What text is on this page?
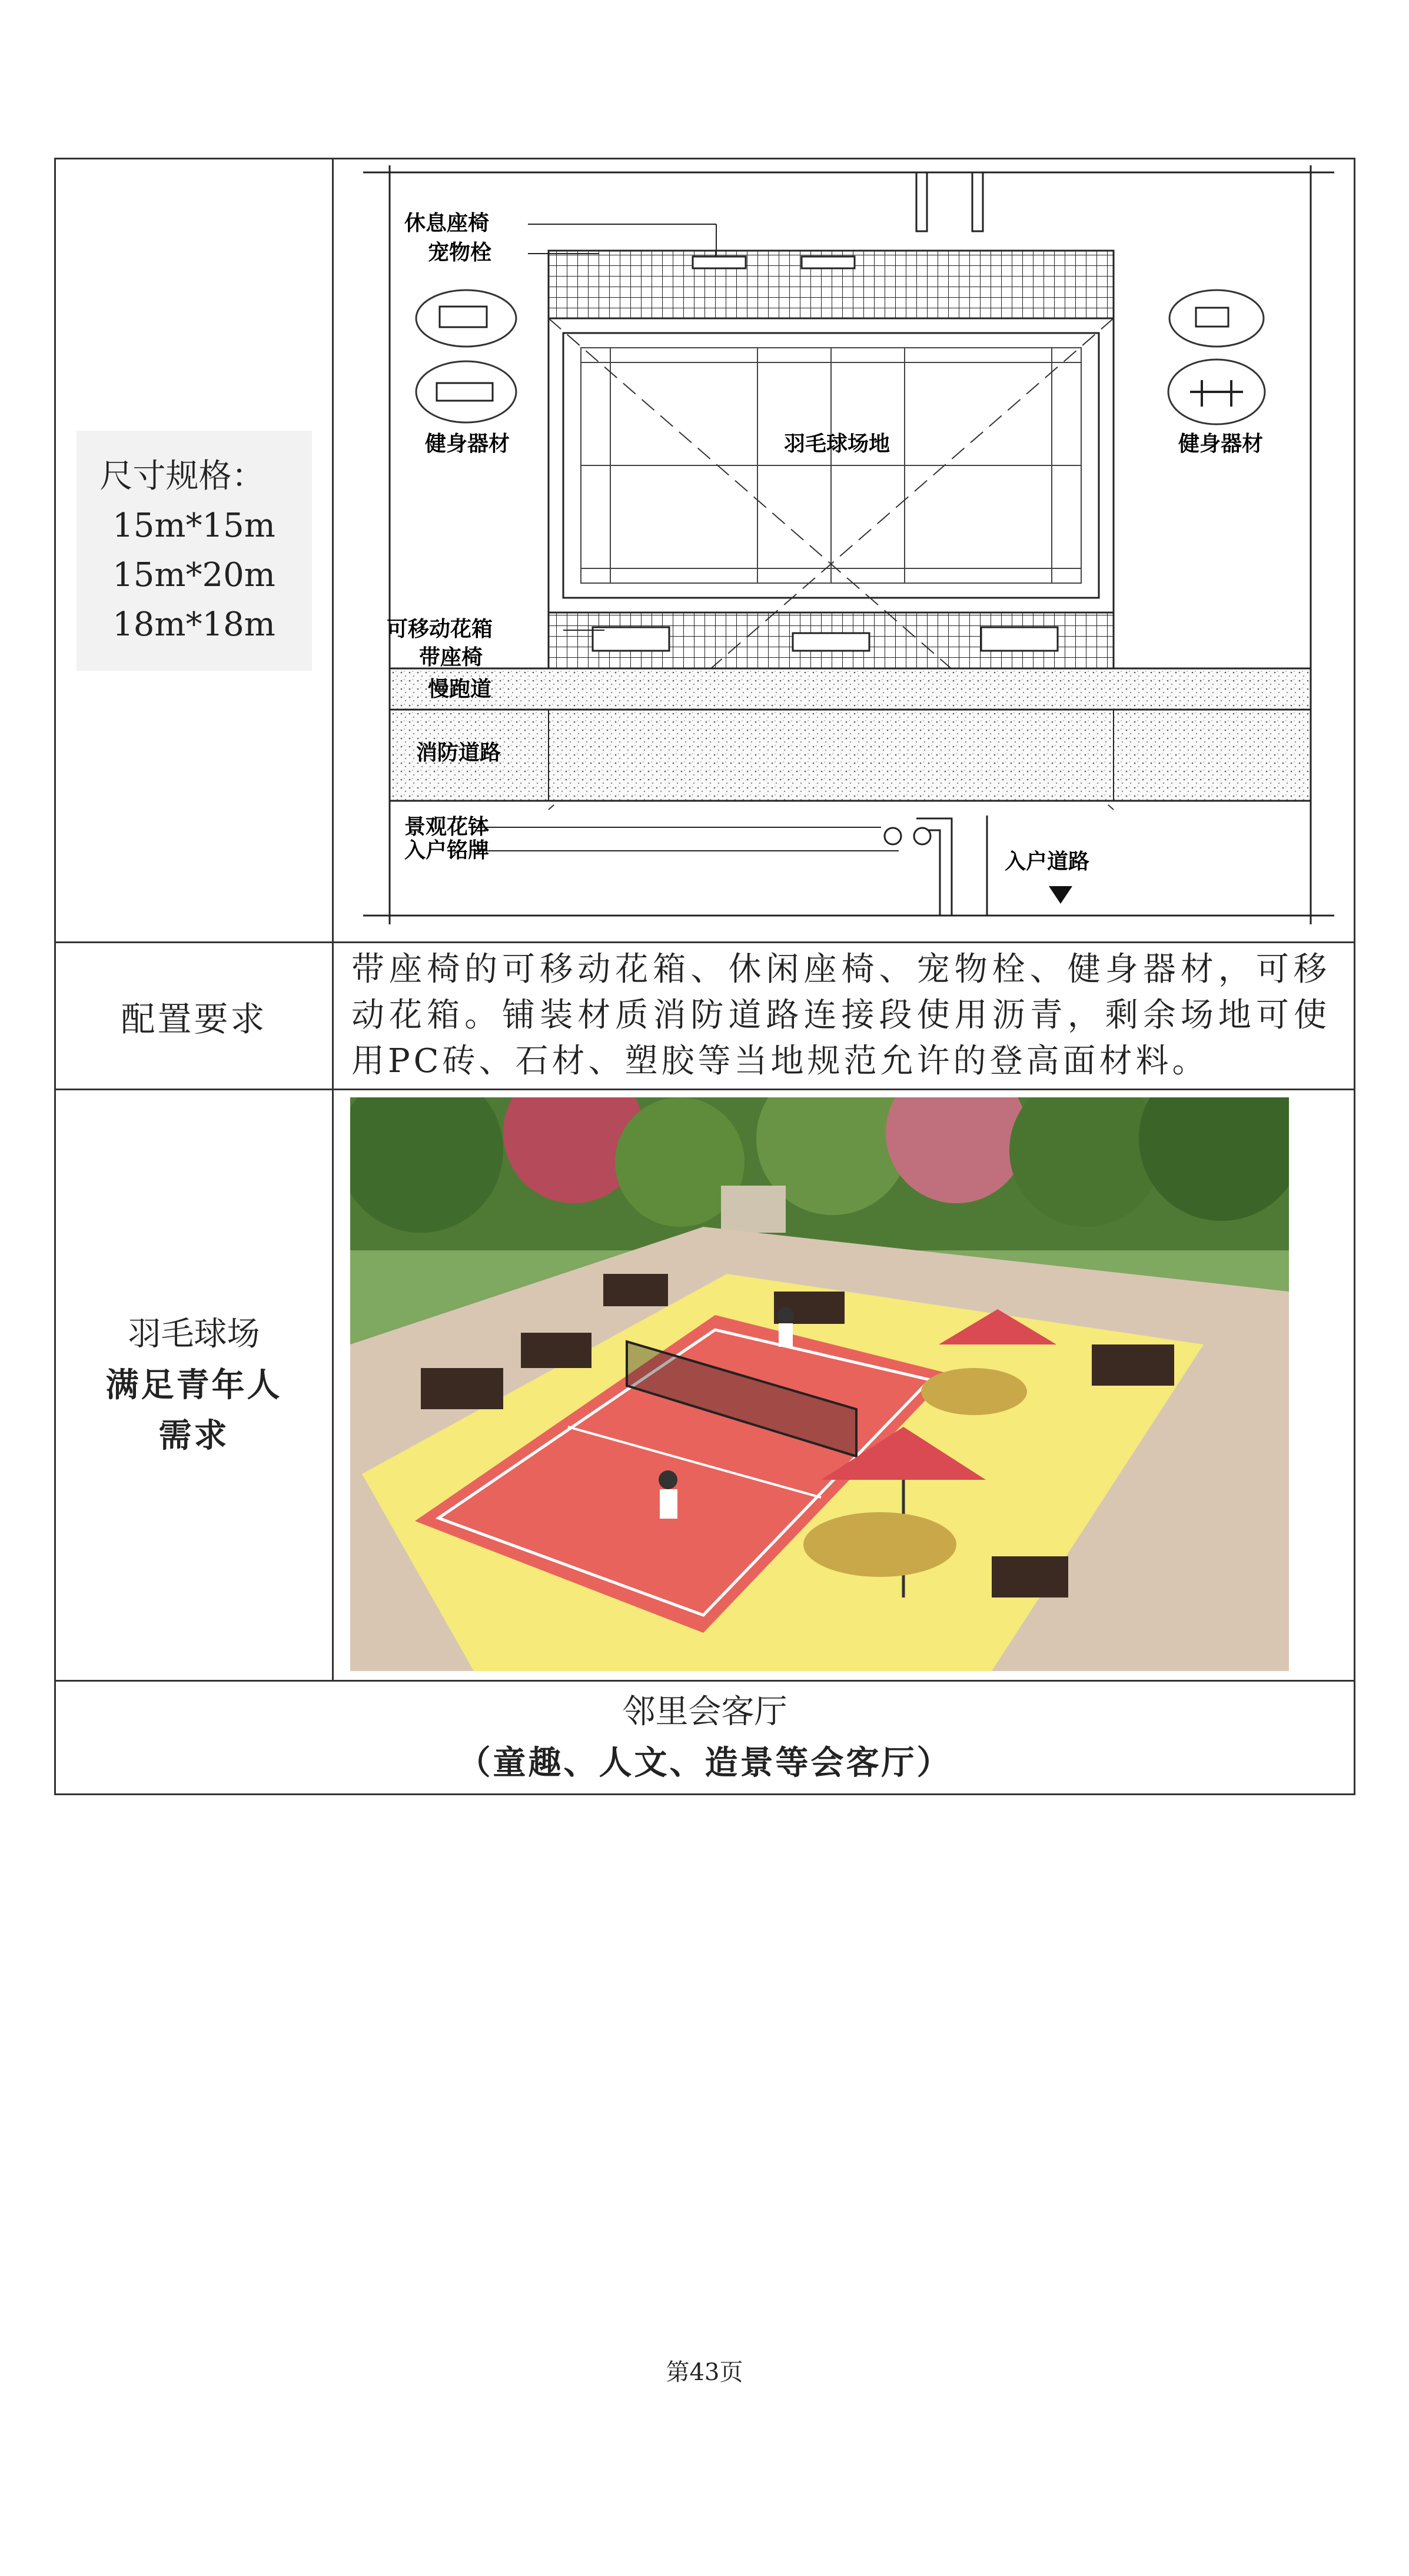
尺寸规格：
15m*15m
15m*20m
18m*18m
休息座椅
宠物栓
健身器材	健身器材
羽毛球场地
可移动花箱
带座椅
慢跑道
消防道路
景观花钵
入户铭牌	入户道路
配置要求
带座椅的可移动花箱、休闲座椅、宠物栓、健身器材，可移动花箱。铺装材质消防道路连接段使用沥青，剩余场地可使用PC砖、石材、塑胶等当地规范允许的登高面材料。
羽毛球场
满足青年人需求
邻里会客厅
（童趣、人文、造景等会客厅）
第43页
